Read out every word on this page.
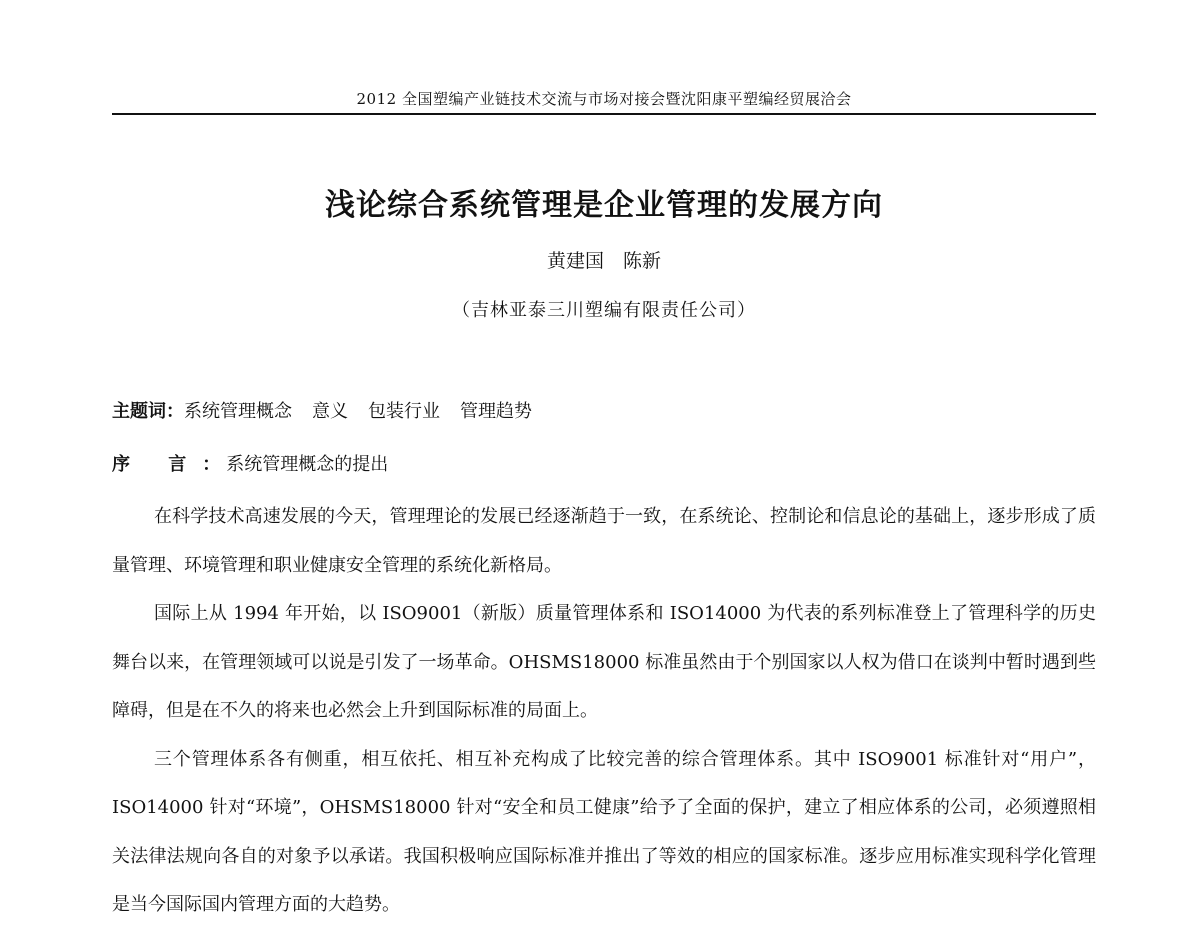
2012 全国塑编产业链技术交流与市场对接会暨沈阳康平塑编经贸展洽会
浅论综合系统管理是企业管理的发展方向
黄建国　陈新
（吉林亚泰三川塑编有限责任公司）
主题词：系统管理概念 意义 包装行业 管理趋势
序 言：系统管理概念的提出

在科学技术高速发展的今天，管理理论的发展已经逐渐趋于一致，在系统论、控制论和信息论的基础上，逐步形成了质量管理、环境管理和职业健康安全管理的系统化新格局。

国际上从 1994 年开始，以 ISO9001（新版）质量管理体系和 ISO14000 为代表的系列标准登上了管理科学的历史舞台以来，在管理领域可以说是引发了一场革命。OHSMS18000 标准虽然由于个别国家以人权为借口在谈判中暂时遇到些障碍，但是在不久的将来也必然会上升到国际标准的局面上。

三个管理体系各有侧重，相互依托、相互补充构成了比较完善的综合管理体系。其中 ISO9001 标准针对“用户”，ISO14000 针对“环境”，OHSMS18000 针对“安全和员工健康”给予了全面的保护，建立了相应体系的公司，必须遵照相关法律法规向各自的对象予以承诺。我国积极响应国际标准并推出了等效的相应的国家标准。逐步应用标准实现科学化管理是当今国际国内管理方面的大趋势。
